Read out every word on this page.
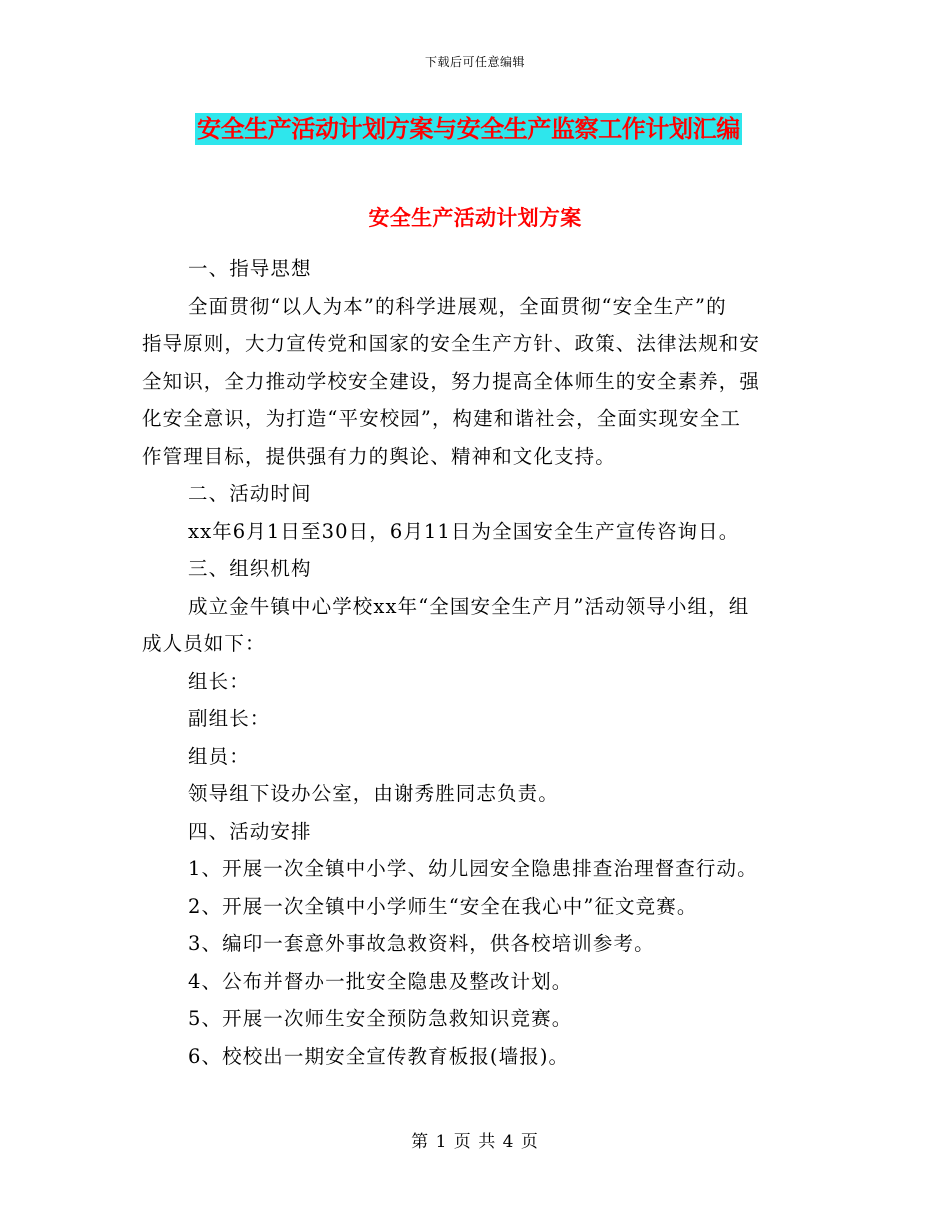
下载后可任意编辑
安全生产活动计划方案与安全生产监察工作计划汇编
安全生产活动计划方案
一、指导思想
全面贯彻“以人为本”的科学进展观，全面贯彻“安全生产”的
指导原则，大力宣传党和国家的安全生产方针、政策、法律法规和安
全知识，全力推动学校安全建设，努力提高全体师生的安全素养，强
化安全意识，为打造“平安校园”，构建和谐社会，全面实现安全工
作管理目标，提供强有力的舆论、精神和文化支持。
二、活动时间
xx年6月1日至30日，6月11日为全国安全生产宣传咨询日。
三、组织机构
成立金牛镇中心学校xx年“全国安全生产月”活动领导小组，组
成人员如下：
组长：
副组长：
组员：
领导组下设办公室，由谢秀胜同志负责。
四、活动安排
1、开展一次全镇中小学、幼儿园安全隐患排查治理督查行动。
2、开展一次全镇中小学师生“安全在我心中”征文竞赛。
3、编印一套意外事故急救资料，供各校培训参考。
4、公布并督办一批安全隐患及整改计划。
5、开展一次师生安全预防急救知识竞赛。
6、校校出一期安全宣传教育板报(墙报)。
第 1 页 共 4 页
